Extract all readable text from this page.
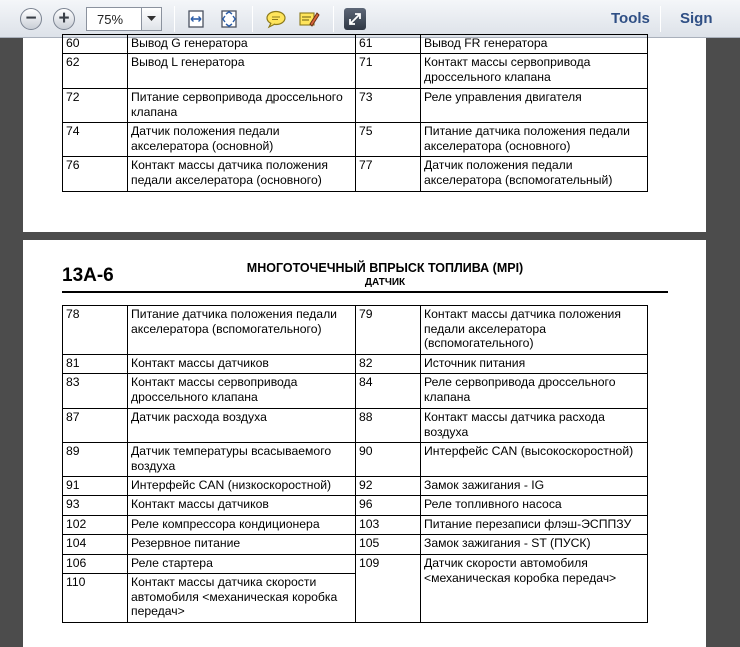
− +	75%	Tools Sign
60	Вывод G генератора	61	Вывод FR генератора
62	Вывод L генератора	71	Контакт массы сервопривода дроссельного клапана
72	Питание сервопривода дроссельного клапана	73	Реле управления двигателя
74	Датчик положения педали акселератора (основной)	75	Питание датчика положения педали акселератора (основного)
76	Контакт массы датчика положения педали акселератора (основного)	77	Датчик положения педали акселератора (вспомогательный)
13А-6	МНОГОТОЧЕЧНЫЙ ВПРЫСК ТОПЛИВА (MPI)
ДАТЧИК
78	Питание датчика положения педали акселератора (вспомогательного)	79	Контакт массы датчика положения педали акселератора (вспомогательного)
81	Контакт массы датчиков	82	Источник питания
83	Контакт массы сервопривода дроссельного клапана	84	Реле сервопривода дроссельного клапана
87	Датчик расхода воздуха	88	Контакт массы датчика расхода воздуха
89	Датчик температуры всасываемого воздуха	90	Интерфейс CAN (высокоскоростной)
91	Интерфейс CAN (низкоскоростной)	92	Замок зажигания - IG
93	Контакт массы датчиков	96	Реле топливного насоса
102	Реле компрессора кондиционера	103	Питание перезаписи флэш-ЭСППЗУ
104	Резервное питание	105	Замок зажигания - ST (ПУСК)
106	Реле стартера	109	Датчик скорости автомобиля <механическая коробка передач>
110	Контакт массы датчика скорости автомобиля <механическая коробка передач>		
